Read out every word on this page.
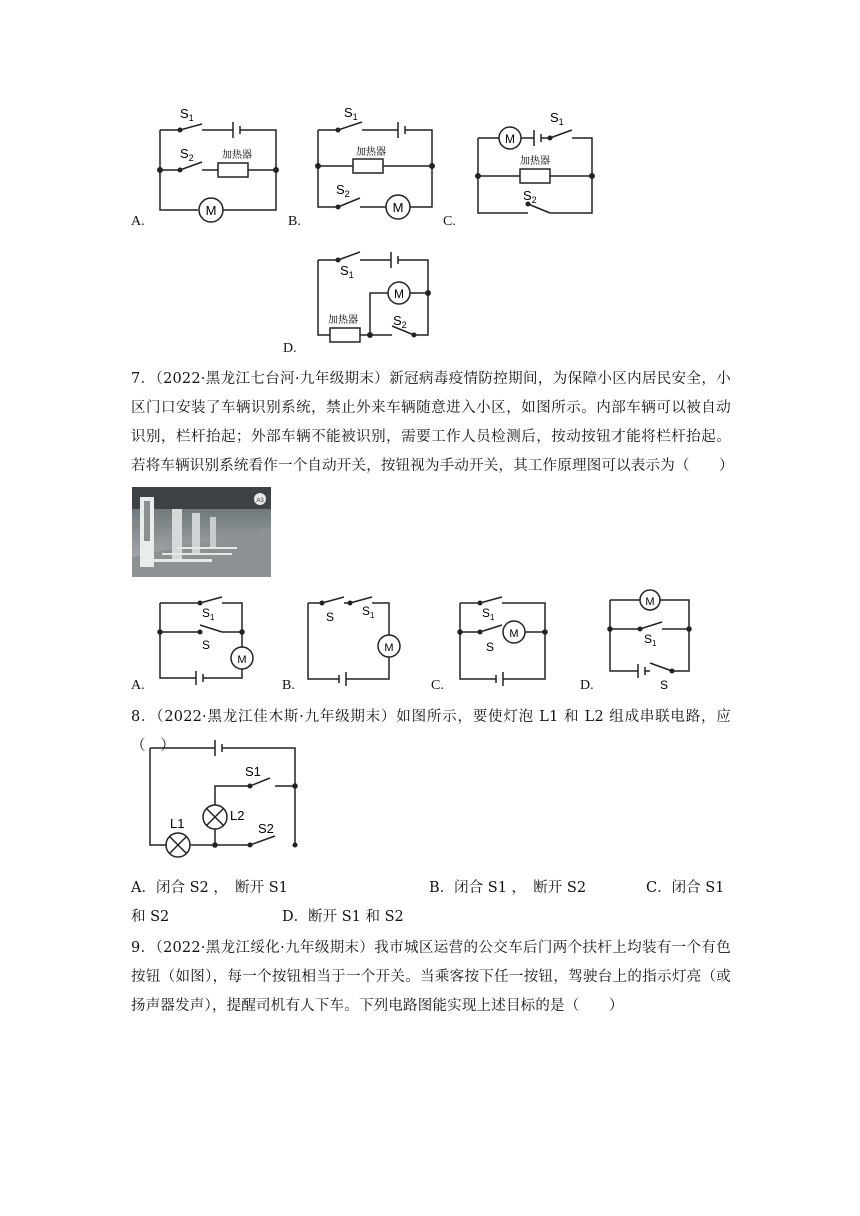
M
加热器
$S_1$
$S_2$
A.
M
加热器
$S_1$
$S_2$
B.
M
加热器
$S_1$
$S_2$
C.
M
加热器
$S_1$
$S_2$
D.
7．（2022·黑龙江七台河·九年级期末）新冠病毒疫情防控期间，为保障小区内居民安全，小区门口安装了车辆识别系统，禁止外来车辆随意进入小区，如图所示。内部车辆可以被自动识别，栏杆抬起；外部车辆不能被识别，需要工作人员检测后，按动按钮才能将栏杆抬起。若将车辆识别系统看作一个自动开关，按钮视为手动开关，其工作原理图可以表示为（　　）
A3
M
$S_1$
S
A.
M
S $S_1$
B.
M
$S_1$
S
C.
M
$S_1$
S
D.
8．（2022·黑龙江佳木斯·九年级期末）如图所示，要使灯泡 L1 和 L2 组成串联电路，应（　）
S1
L2
S2
L1
A．闭合 S2 ，　断开 S1	B．闭合 S1 ，　断开 S2	C．闭合 S1
和 S2	D．断开 S1 和 S2
9．（2022·黑龙江绥化·九年级期末）我市城区运营的公交车后门两个扶杆上均装有一个有色按钮（如图），每一个按钮相当于一个开关。当乘客按下任一按钮，驾驶台上的指示灯亮（或扬声器发声），提醒司机有人下车。下列电路图能实现上述目标的是（　　）
